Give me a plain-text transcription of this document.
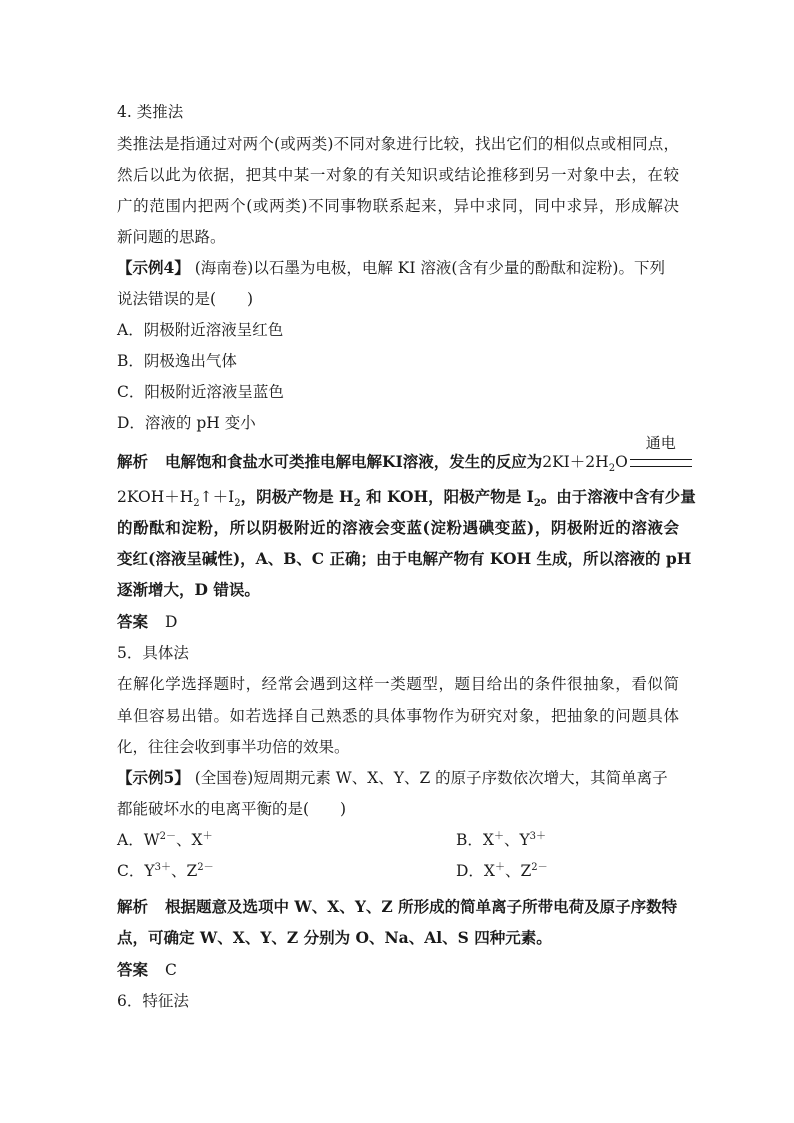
4. 类推法
类推法是指通过对两个(或两类)不同对象进行比较，找出它们的相似点或相同点，
然后以此为依据，把其中某一对象的有关知识或结论推移到另一对象中去，在较
广的范围内把两个(或两类)不同事物联系起来，异中求同，同中求异，形成解决
新问题的思路。
【示例4】 (海南卷)以石墨为电极，电解 KI 溶液(含有少量的酚酞和淀粉)。下列
说法错误的是(　　)
A．阴极附近溶液呈红色
B．阴极逸出气体
C．阳极附近溶液呈蓝色
D．溶液的 pH 变小
解析 电解饱和食盐水可类推电解电解KI溶液，发生的反应为$2KI+2H_2O$
通电
$2KOH+H_2↑+I_2$，阴极产物是 $H_2$ 和 KOH，阳极产物是 $I_2$。由于溶液中含有少量
的酚酞和淀粉，所以阴极附近的溶液会变蓝(淀粉遇碘变蓝)，阴极附近的溶液会
变红(溶液呈碱性)，A、B、C 正确；由于电解产物有 KOH 生成，所以溶液的 pH
逐渐增大，D 错误。
答案 D
5．具体法
在解化学选择题时，经常会遇到这样一类题型，题目给出的条件很抽象，看似简
单但容易出错。如若选择自己熟悉的具体事物作为研究对象，把抽象的问题具体
化，往往会收到事半功倍的效果。
【示例5】 (全国卷)短周期元素 W、X、Y、Z 的原子序数依次增大，其简单离子
都能破坏水的电离平衡的是(　　)
A．$W^{2-}$、X＋	B．X＋、$Y^{3+}$
C．$Y^{3+}$、$Z^{2-}$	D．X＋、$Z^{2-}$
解析 根据题意及选项中 W、X、Y、Z 所形成的简单离子所带电荷及原子序数特
点，可确定 W、X、Y、Z 分别为 O、Na、Al、S 四种元素。
答案 C
6．特征法
